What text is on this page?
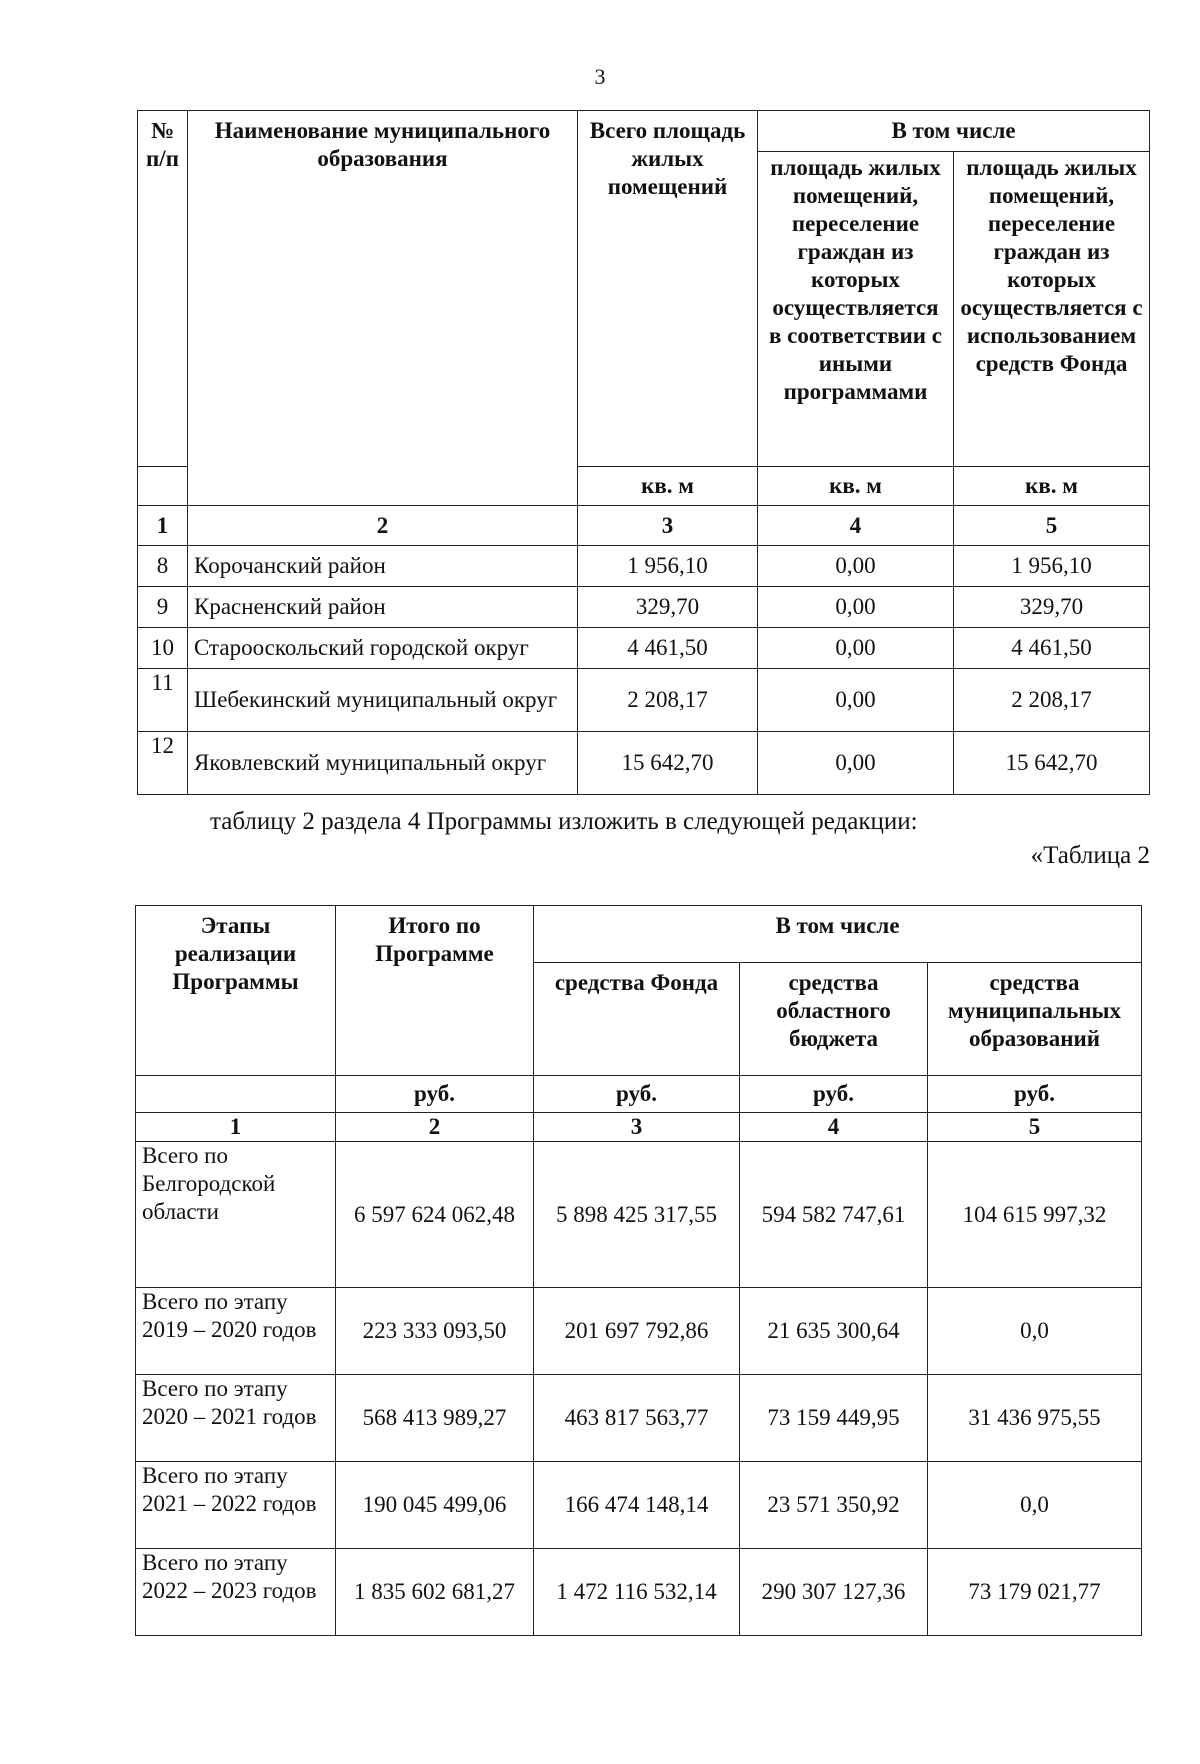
3
№ п/п	Наименование муниципального образования	Всего площадь жилых помещений	В том числе	
			площадь жилых помещений, переселение граждан из которых осуществляется в соответствии с иными программами	площадь жилых помещений, переселение граждан из которых осуществляется с использованием средств Фонда
		кв. м	кв. м	кв. м
1	2	3	4	5
8	Корочанский район	1 956,10	0,00	1 956,10
9	Красненский район	329,70	0,00	329,70
10	Старооскольский городской округ	4 461,50	0,00	4 461,50
11	Шебекинский муниципальный округ	2 208,17	0,00	2 208,17
12	Яковлевский муниципальный округ	15 642,70	0,00	15 642,70
таблицу 2 раздела 4 Программы изложить в следующей редакции:
«Таблица 2
Этапы реализации Программы	Итого по Программе	В том числе		
		средства Фонда	средства областного бюджета	средства муниципальных образований
	руб.	руб.	руб.	руб.
1	2	3	4	5
Всего по Белгородской области	6 597 624 062,48	5 898 425 317,55	594 582 747,61	104 615 997,32
Всего по этапу 2019 – 2020 годов	223 333 093,50	201 697 792,86	21 635 300,64	0,0
Всего по этапу 2020 – 2021 годов	568 413 989,27	463 817 563,77	73 159 449,95	31 436 975,55
Всего по этапу 2021 – 2022 годов	190 045 499,06	166 474 148,14	23 571 350,92	0,0
Всего по этапу 2022 – 2023 годов	1 835 602 681,27	1 472 116 532,14	290 307 127,36	73 179 021,77
